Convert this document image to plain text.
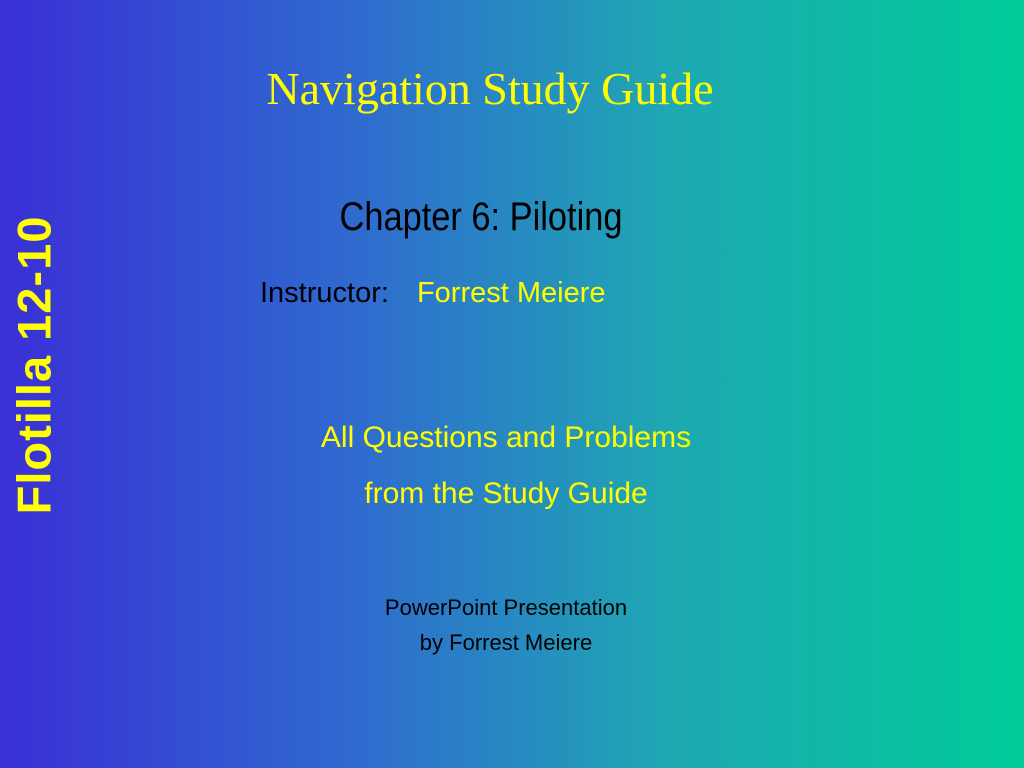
Flotilla 12-10
Navigation Study Guide
Chapter 6: Piloting
Instructor: Forrest Meiere
All Questions and Problems
from the Study Guide
PowerPoint Presentation
by Forrest Meiere
